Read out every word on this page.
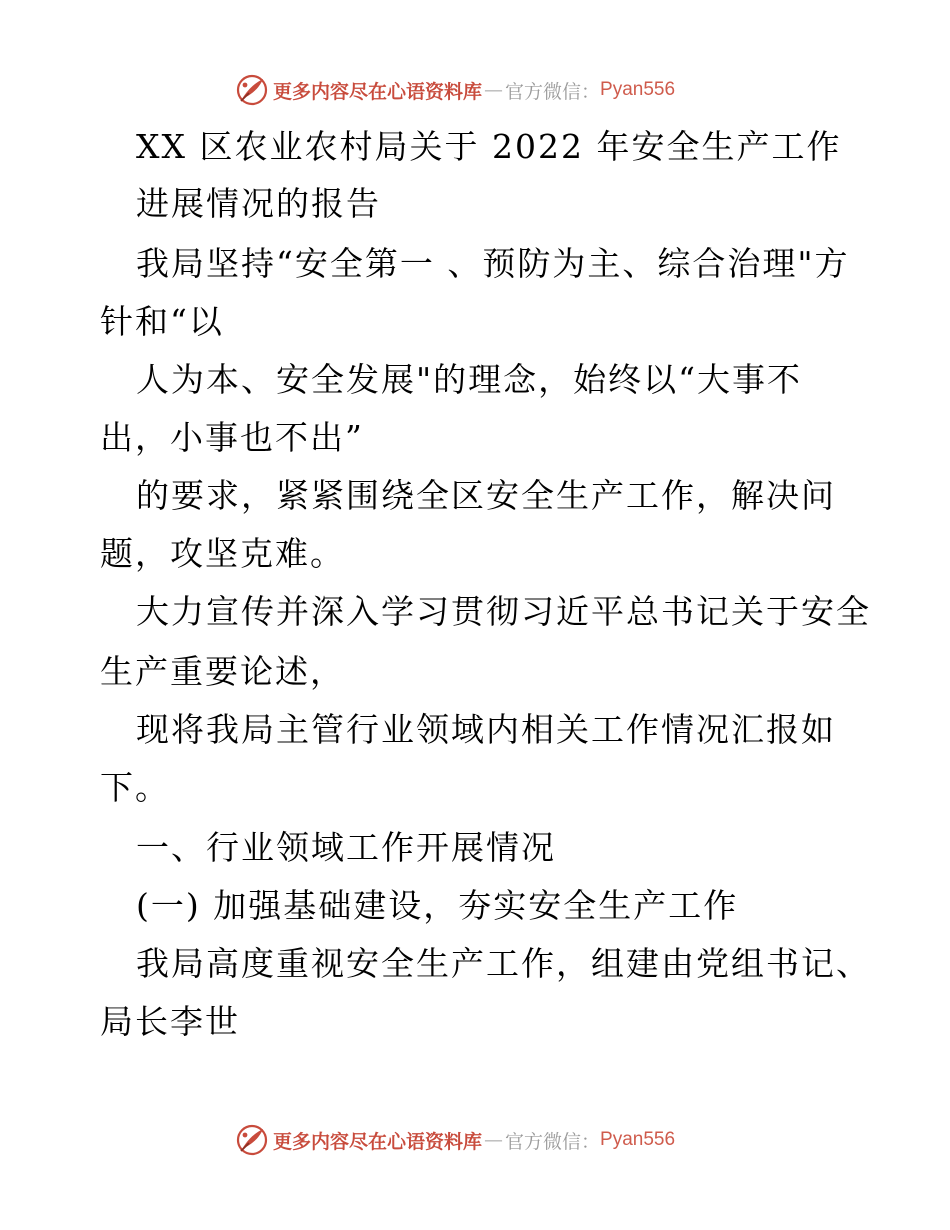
更多内容尽在心语资料库 — 官方微信： Pyan556
XX 区农业农村局关于 2022 年安全生产工作
进展情况的报告
我局坚持“安全第一 、预防为主、综合治理"方
针和“以
人为本、安全发展"的理念，始终以“大事不
出，小事也不出”
的要求，紧紧围绕全区安全生产工作，解决问
题，攻坚克难。
大力宣传并深入学习贯彻习近平总书记关于安全
生产重要论述，
现将我局主管行业领域内相关工作情况汇报如
下。
一、行业领域工作开展情况
(一) 加强基础建设，夯实安全生产工作
我局高度重视安全生产工作，组建由党组书记、
局长李世
更多内容尽在心语资料库 — 官方微信： Pyan556
